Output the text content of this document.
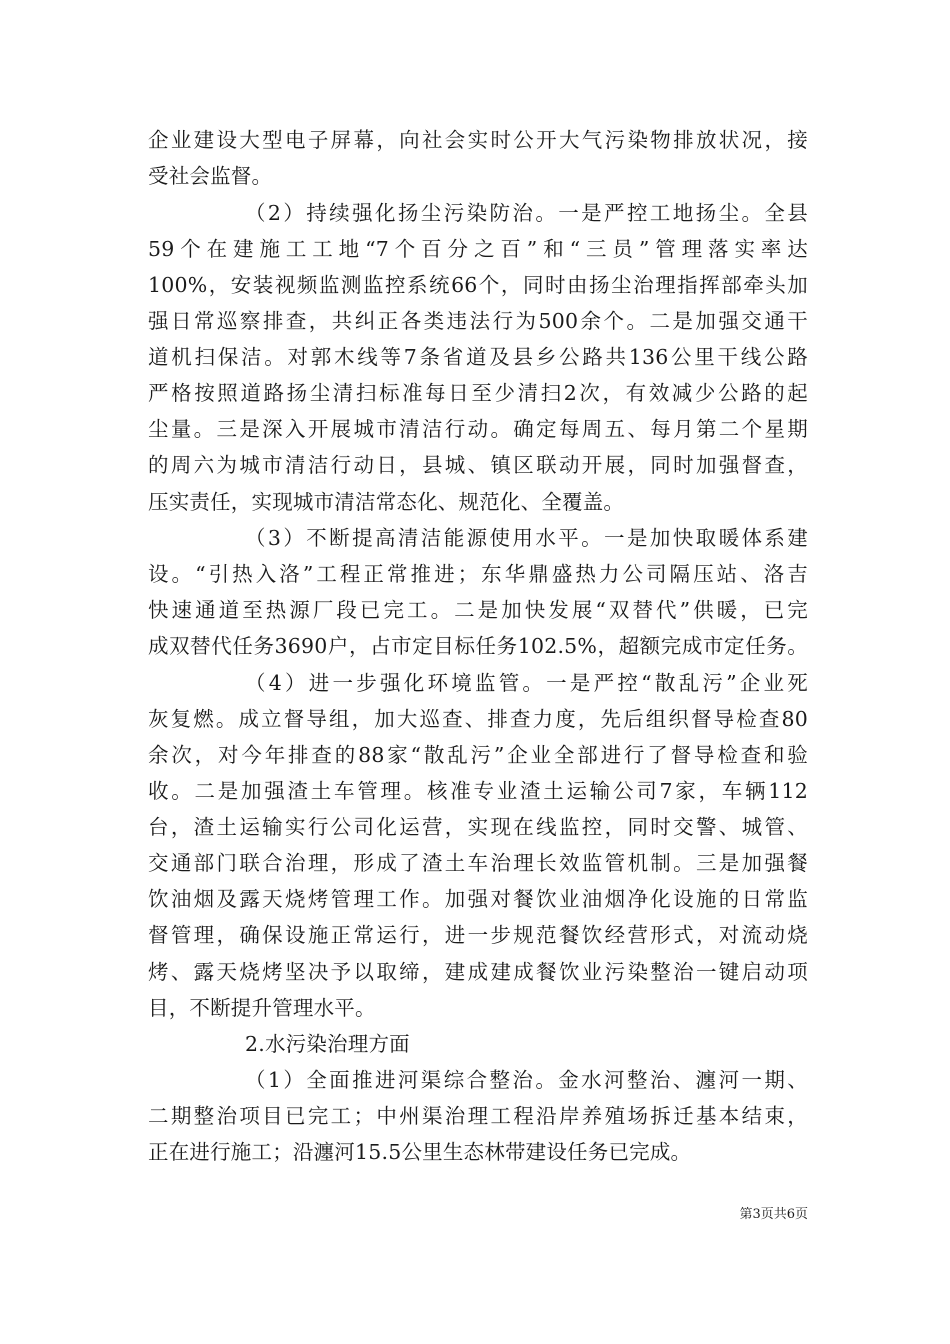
企业建设大型电子屏幕，向社会实时公开大气污染物排放状况，接
受社会监督。
（2）持续强化扬尘污染防治。一是严控工地扬尘。全县
59个在建施工工地“7个百分之百”和“三员”管理落实率达
100%，安装视频监测监控系统66个，同时由扬尘治理指挥部牵头加
强日常巡察排查，共纠正各类违法行为500余个。二是加强交通干
道机扫保洁。对郭木线等7条省道及县乡公路共136公里干线公路
严格按照道路扬尘清扫标准每日至少清扫2次，有效减少公路的起
尘量。三是深入开展城市清洁行动。确定每周五、每月第二个星期
的周六为城市清洁行动日，县城、镇区联动开展，同时加强督查，
压实责任，实现城市清洁常态化、规范化、全覆盖。
（3）不断提高清洁能源使用水平。一是加快取暖体系建
设。“引热入洛”工程正常推进；东华鼎盛热力公司隔压站、洛吉
快速通道至热源厂段已完工。二是加快发展“双替代”供暖，已完
成双替代任务3690户，占市定目标任务102.5%，超额完成市定任务。
（4）进一步强化环境监管。一是严控“散乱污”企业死
灰复燃。成立督导组，加大巡查、排查力度，先后组织督导检查80
余次，对今年排查的88家“散乱污”企业全部进行了督导检查和验
收。二是加强渣土车管理。核准专业渣土运输公司7家，车辆112
台，渣土运输实行公司化运营，实现在线监控，同时交警、城管、
交通部门联合治理，形成了渣土车治理长效监管机制。三是加强餐
饮油烟及露天烧烤管理工作。加强对餐饮业油烟净化设施的日常监
督管理，确保设施正常运行，进一步规范餐饮经营形式，对流动烧
烤、露天烧烤坚决予以取缔，建成建成餐饮业污染整治一键启动项
目，不断提升管理水平。
2.水污染治理方面
（1）全面推进河渠综合整治。金水河整治、瀍河一期、
二期整治项目已完工；中州渠治理工程沿岸养殖场拆迁基本结束，
正在进行施工；沿瀍河15.5公里生态林带建设任务已完成。
第3页共6页
